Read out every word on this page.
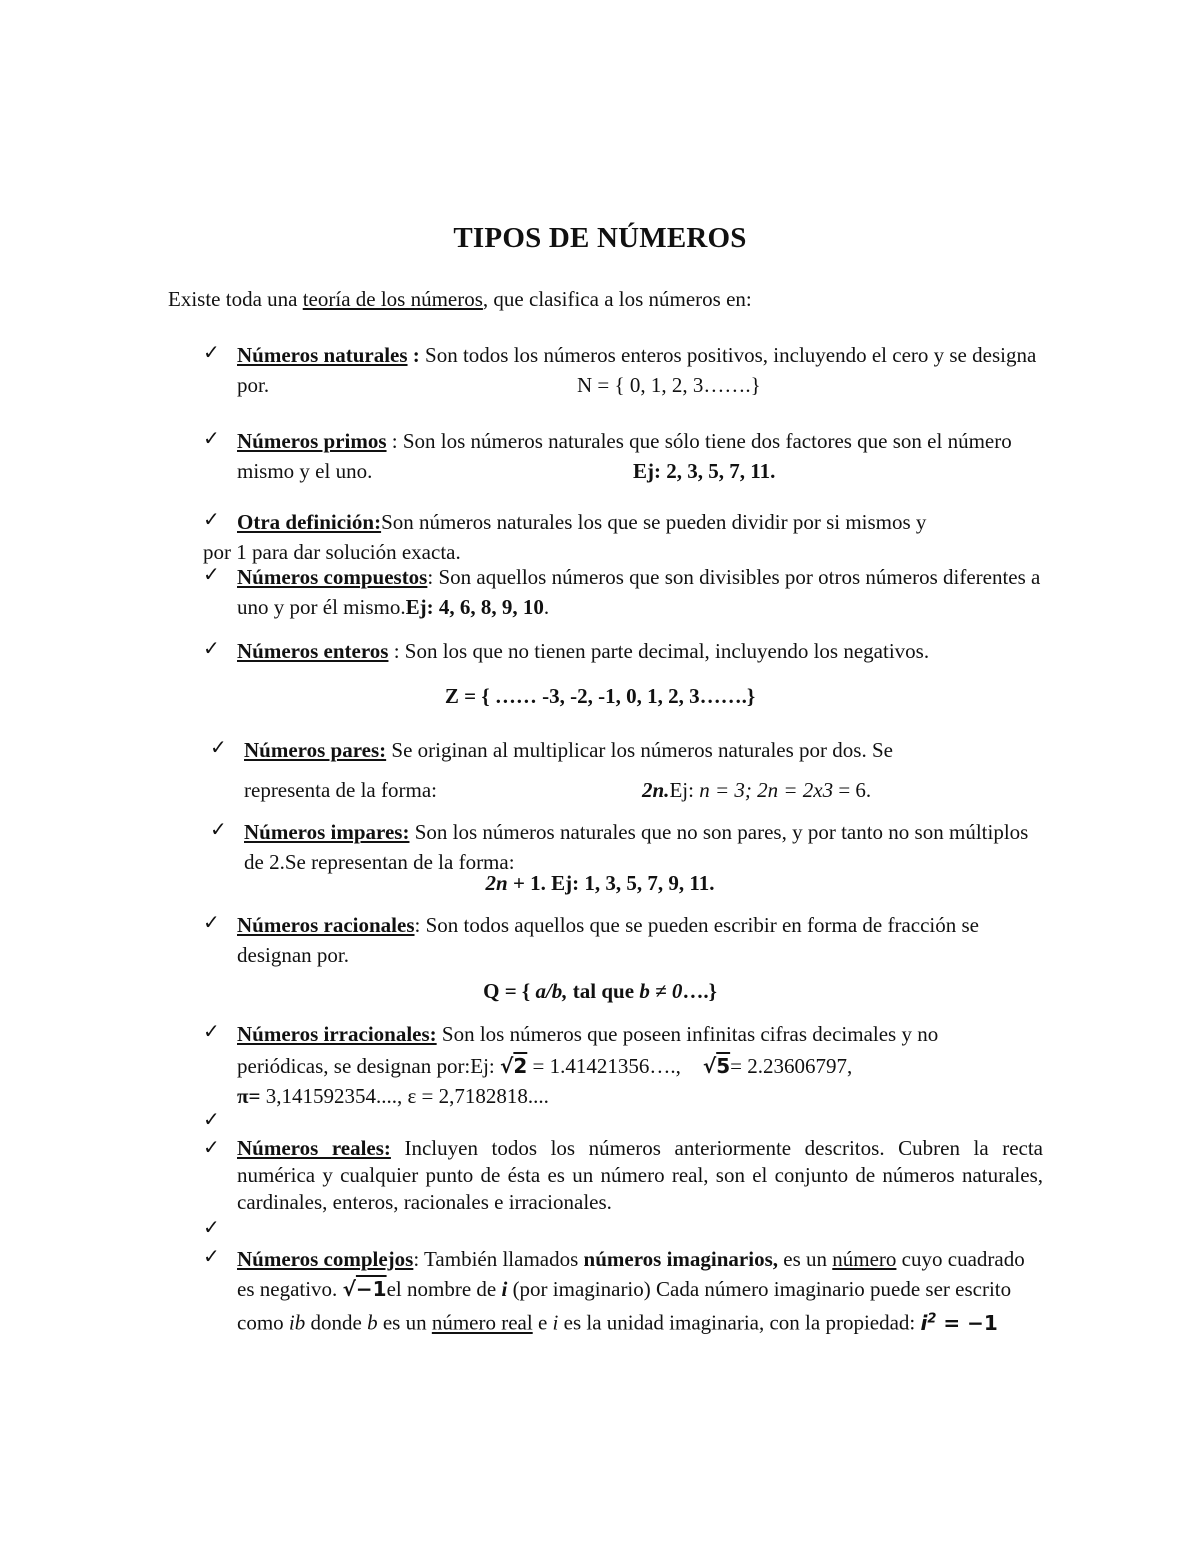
TIPOS DE NÚMEROS
Existe toda una teoría de los números, que clasifica a los números en:
✓ Números naturales : Son todos los números enteros positivos, incluyendo el cero y se designa por.	N = { 0, 1, 2, 3…….}
✓ Números primos : Son los números naturales que sólo tiene dos factores que son el número mismo y el uno.	Ej: 2, 3, 5, 7, 11.
✓ Otra definición:Son números naturales los que se pueden dividir por si mismos y
por 1 para dar solución exacta.
✓ Números compuestos: Son aquellos números que son divisibles por otros números diferentes a uno y por él mismo.Ej: 4, 6, 8, 9, 10.
✓ Números enteros : Son los que no tienen parte decimal, incluyendo los negativos.
Z = { …… -3, -2, -1, 0, 1, 2, 3…….}
✓ Números pares: Se originan al multiplicar los números naturales por dos. Se
representa de la forma:	2n.Ej: n = 3; 2n = 2x3 = 6.
✓ Números impares: Son los números naturales que no son pares, y por tanto no son múltiplos de 2.Se representan de la forma:
2n + 1. Ej: 1, 3, 5, 7, 9, 11.
✓ Números racionales: Son todos aquellos que se pueden escribir en forma de fracción se designan por.
Q = { a/b, tal que b ≠ 0….}
✓ Números irracionales: Son los números que poseen infinitas cifras decimales y no
periódicas, se designan por:Ej: √2 = 1.41421356…., √5= 2.23606797,
π= 3,141592354...., ε = 2,7182818....
✓
✓ Números reales: Incluyen todos los números anteriormente descritos. Cubren la recta numérica y cualquier punto de ésta es un número real, son el conjunto de números naturales, cardinales, enteros, racionales e irracionales.
✓
✓ Números complejos: También llamados números imaginarios, es un número cuyo cuadrado es negativo. √−1el nombre de i (por imaginario) Cada número imaginario puede ser escrito como ib donde b es un número real e i es la unidad imaginaria, con la propiedad: $i^2 = -1$
